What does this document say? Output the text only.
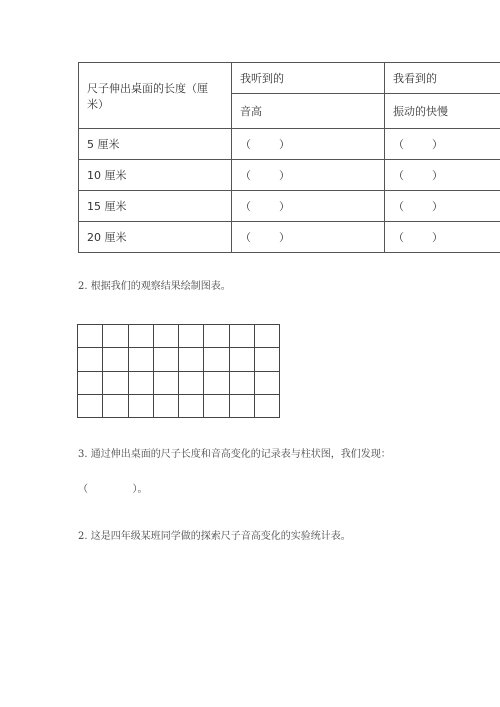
尺子伸出桌面的长度（厘米）	我听到的	我看到的
	音高	振动的快慢
5 厘米	（        ）	（        ）
10 厘米	（        ）	（        ）
15 厘米	（        ）	（        ）
20 厘米	（        ）	（        ）

2. 根据我们的观察结果绘制图表。

3. 通过伸出桌面的尺子长度和音高变化的记录表与柱状图，我们发现：

（              ）。

2. 这是四年级某班同学做的探索尺子音高变化的实验统计表。
